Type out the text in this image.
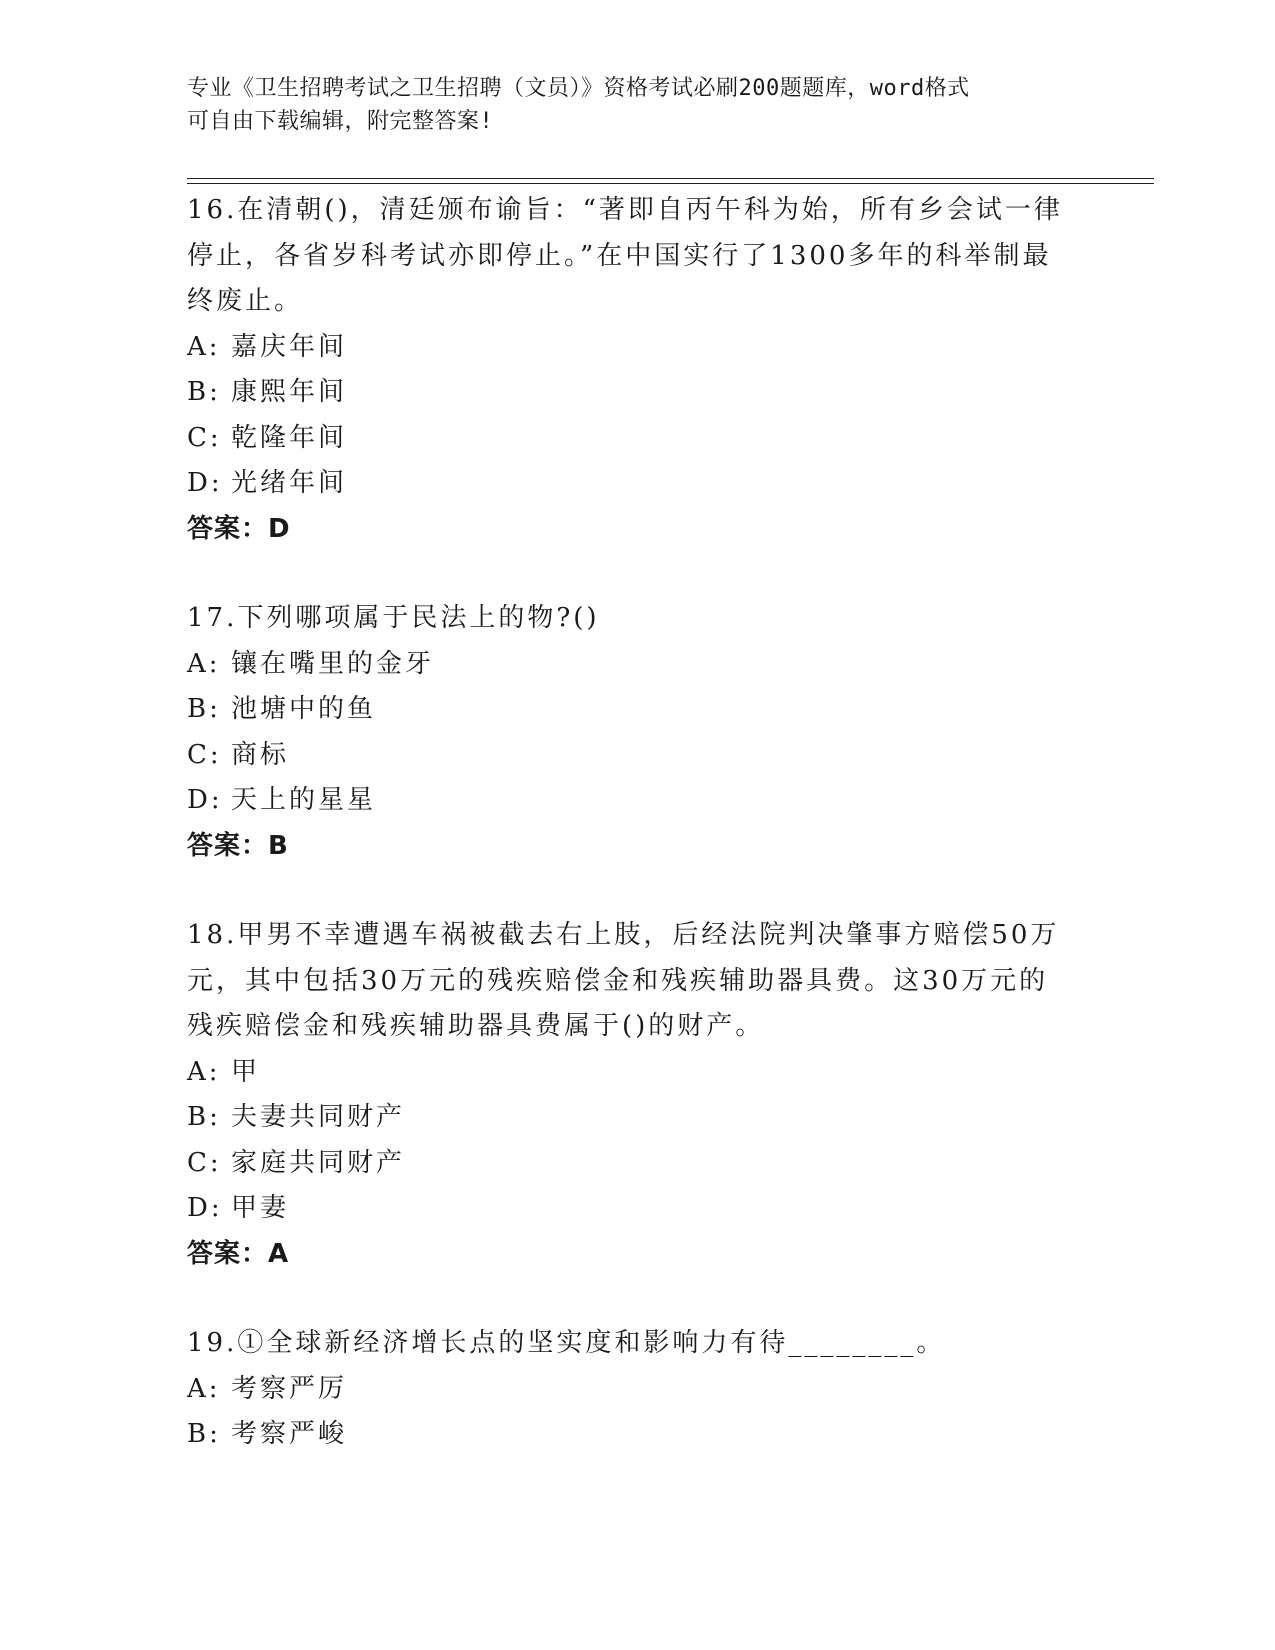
专业《卫生招聘考试之卫生招聘（文员）》资格考试必刷200题题库，word格式
可自由下载编辑，附完整答案!
16.在清朝()，清廷颁布谕旨：“著即自丙午科为始，所有乡会试一律
停止，各省岁科考试亦即停止。”在中国实行了1300多年的科举制最
终废止。
A: 嘉庆年间
B: 康熙年间
C: 乾隆年间
D: 光绪年间
答案：D
17.下列哪项属于民法上的物?()
A: 镶在嘴里的金牙
B: 池塘中的鱼
C: 商标
D: 天上的星星
答案：B
18.甲男不幸遭遇车祸被截去右上肢，后经法院判决肇事方赔偿50万
元，其中包括30万元的残疾赔偿金和残疾辅助器具费。这30万元的
残疾赔偿金和残疾辅助器具费属于()的财产。
A: 甲
B: 夫妻共同财产
C: 家庭共同财产
D: 甲妻
答案：A
19.①全球新经济增长点的坚实度和影响力有待________。
A: 考察严厉
B: 考察严峻
